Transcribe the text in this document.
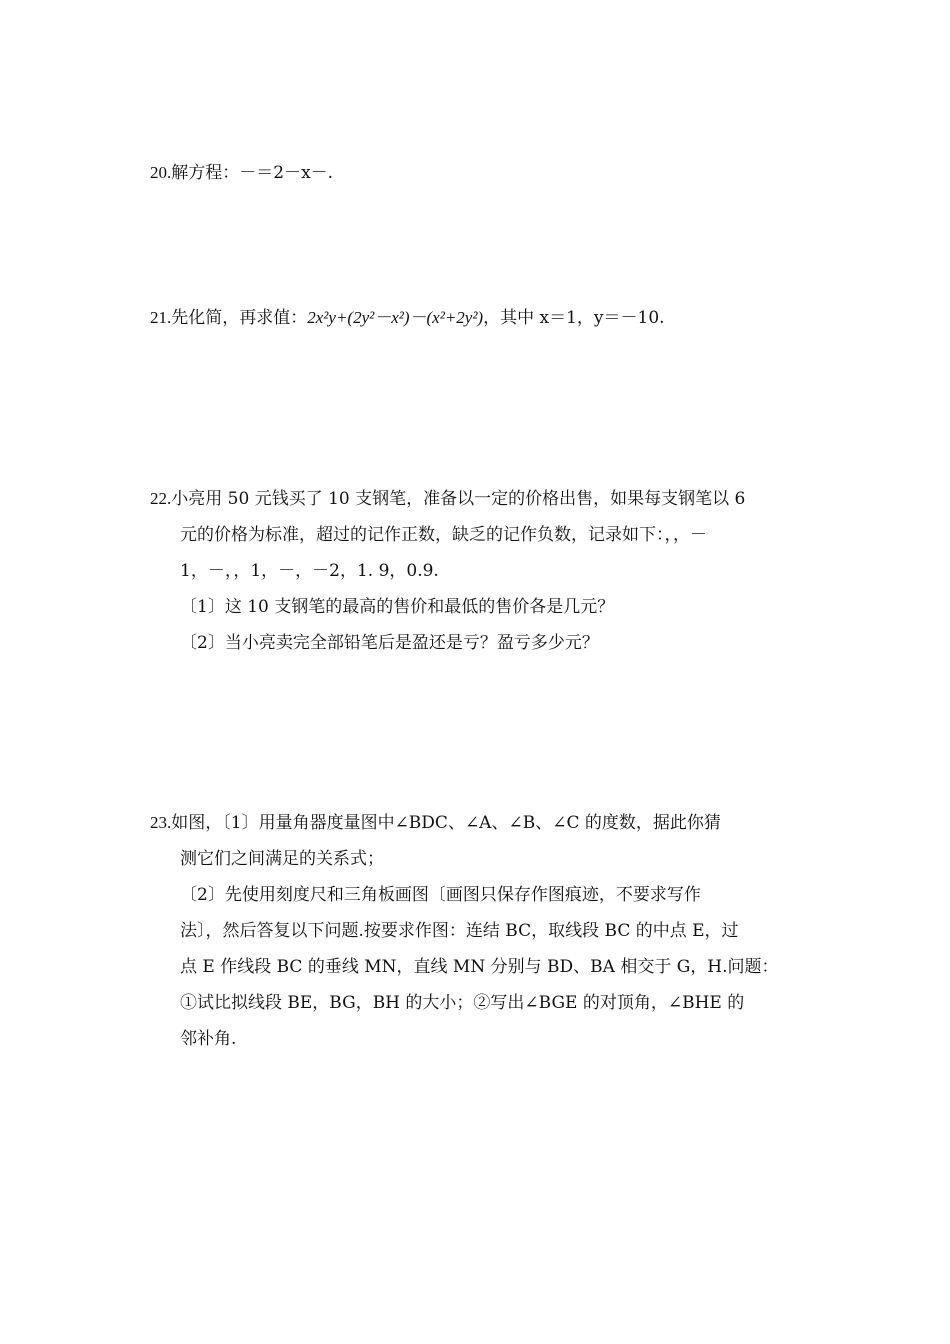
20.解方程：－＝2－x－.
21.先化简，再求值：2x²y+(2y²－x²)－(x²+2y²)，其中 x＝1，y＝－10.
22.小亮用 50 元钱买了 10 支钢笔，准备以一定的价格出售，如果每支钢笔以 6
元的价格为标准，超过的记作正数，缺乏的记作负数，记录如下：，，－
1，－，，1，－，－2，1. 9，0.9.
〔1〕这 10 支钢笔的最高的售价和最低的售价各是几元？
〔2〕当小亮卖完全部铅笔后是盈还是亏？盈亏多少元？
23.如图，〔1〕用量角器度量图中∠BDC、∠A、∠B、∠C 的度数，据此你猜
测它们之间满足的关系式；
〔2〕先使用刻度尺和三角板画图〔画图只保存作图痕迹，不要求写作
法〕，然后答复以下问题.按要求作图：连结 BC，取线段 BC 的中点 E，过
点 E 作线段 BC 的垂线 MN，直线 MN 分别与 BD、BA 相交于 G，H.问题：
①试比拟线段 BE，BG，BH 的大小；②写出∠BGE 的对顶角，∠BHE 的
邻补角.
